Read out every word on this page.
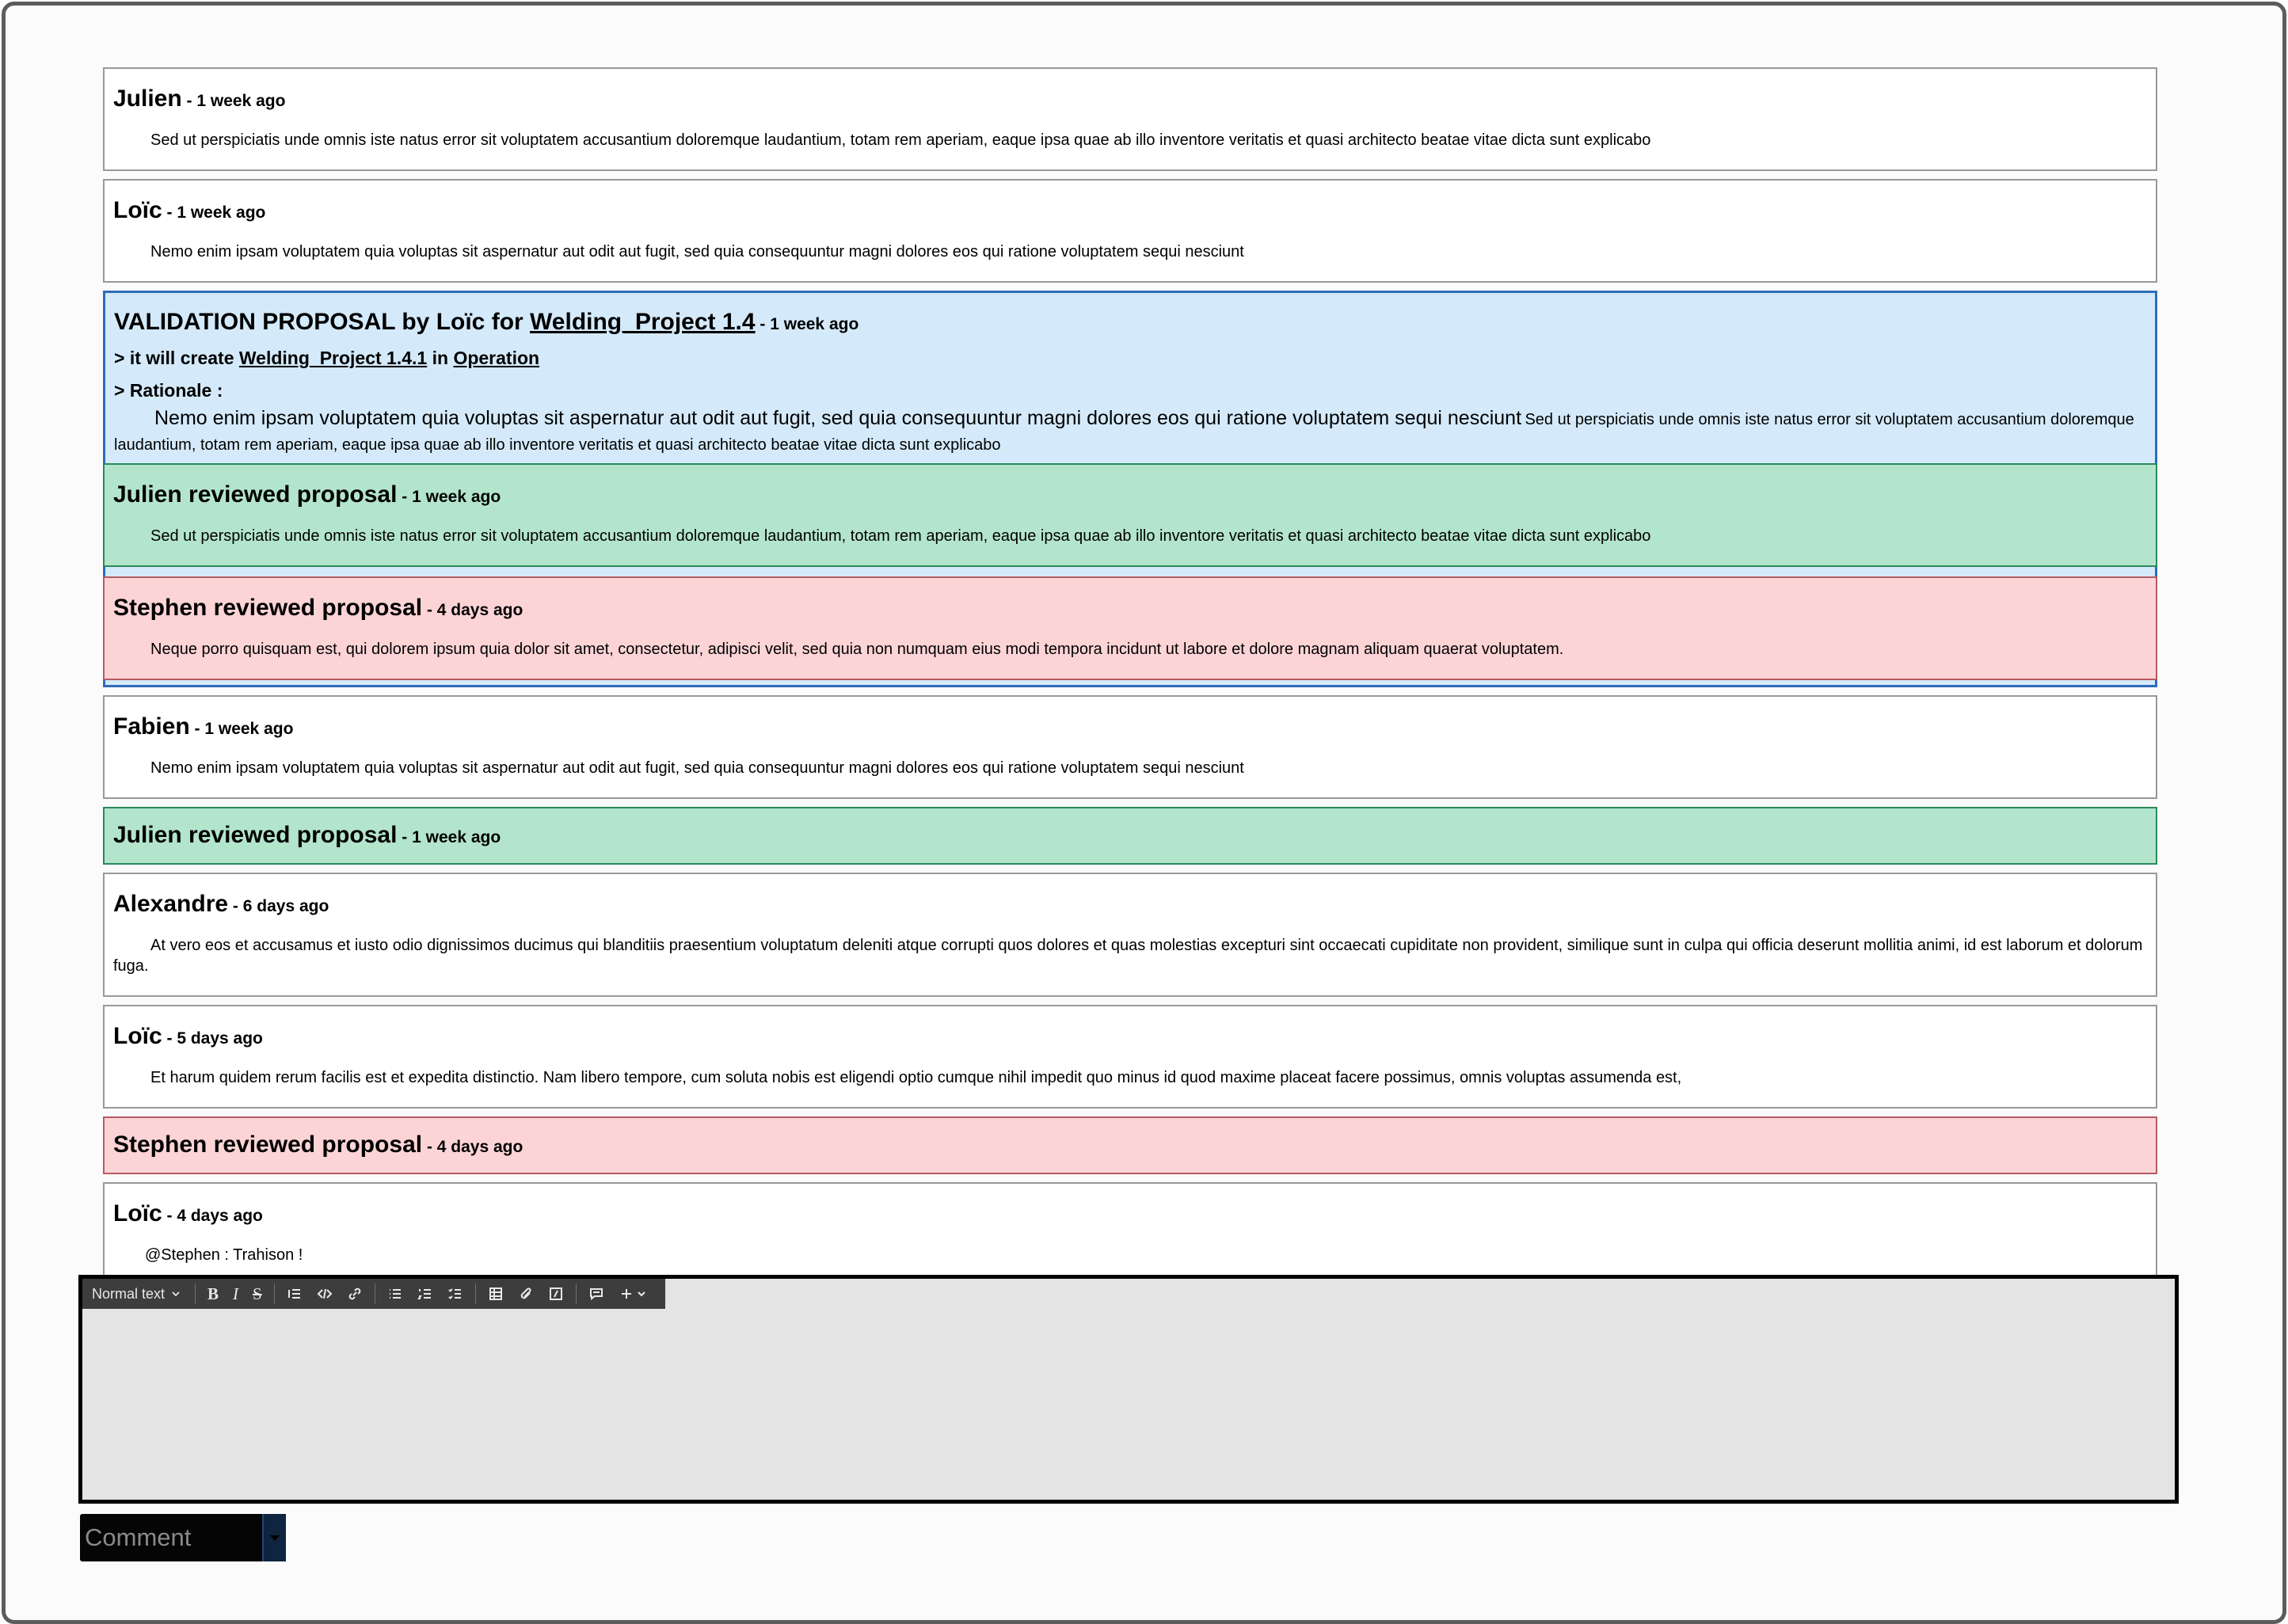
Julien - 1 week ago
Sed ut perspiciatis unde omnis iste natus error sit voluptatem accusantium doloremque laudantium, totam rem aperiam, eaque ipsa quae ab illo inventore veritatis et quasi architecto beatae vitae dicta sunt explicabo
Loïc - 1 week ago
Nemo enim ipsam voluptatem quia voluptas sit aspernatur aut odit aut fugit, sed quia consequuntur magni dolores eos qui ratione voluptatem sequi nesciunt
VALIDATION PROPOSAL by Loïc for Welding_Project 1.4 - 1 week ago
> it will create Welding_Project 1.4.1 in Operation
> Rationale :
Nemo enim ipsam voluptatem quia voluptas sit aspernatur aut odit aut fugit, sed quia consequuntur magni dolores eos qui ratione voluptatem sequi nesciunt Sed ut perspiciatis unde omnis iste natus error sit voluptatem accusantium doloremque laudantium, totam rem aperiam, eaque ipsa quae ab illo inventore veritatis et quasi architecto beatae vitae dicta sunt explicabo
Julien reviewed proposal - 1 week ago
Sed ut perspiciatis unde omnis iste natus error sit voluptatem accusantium doloremque laudantium, totam rem aperiam, eaque ipsa quae ab illo inventore veritatis et quasi architecto beatae vitae dicta sunt explicabo
Stephen reviewed proposal - 4 days ago
Neque porro quisquam est, qui dolorem ipsum quia dolor sit amet, consectetur, adipisci velit, sed quia non numquam eius modi tempora incidunt ut labore et dolore magnam aliquam quaerat voluptatem.
Fabien - 1 week ago
Nemo enim ipsam voluptatem quia voluptas sit aspernatur aut odit aut fugit, sed quia consequuntur magni dolores eos qui ratione voluptatem sequi nesciunt
Julien reviewed proposal - 1 week ago
Alexandre - 6 days ago
At vero eos et accusamus et iusto odio dignissimos ducimus qui blanditiis praesentium voluptatum deleniti atque corrupti quos dolores et quas molestias excepturi sint occaecati cupiditate non provident, similique sunt in culpa qui officia deserunt mollitia animi, id est laborum et dolorum fuga.
Loïc - 5 days ago
Et harum quidem rerum facilis est et expedita distinctio. Nam libero tempore, cum soluta nobis est eligendi optio cumque nihil impedit quo minus id quod maxime placeat facere possimus, omnis voluptas assumenda est,
Stephen reviewed proposal - 4 days ago
Loïc - 4 days ago
@Stephen : Trahison !
Normal text	B I S
Comment
